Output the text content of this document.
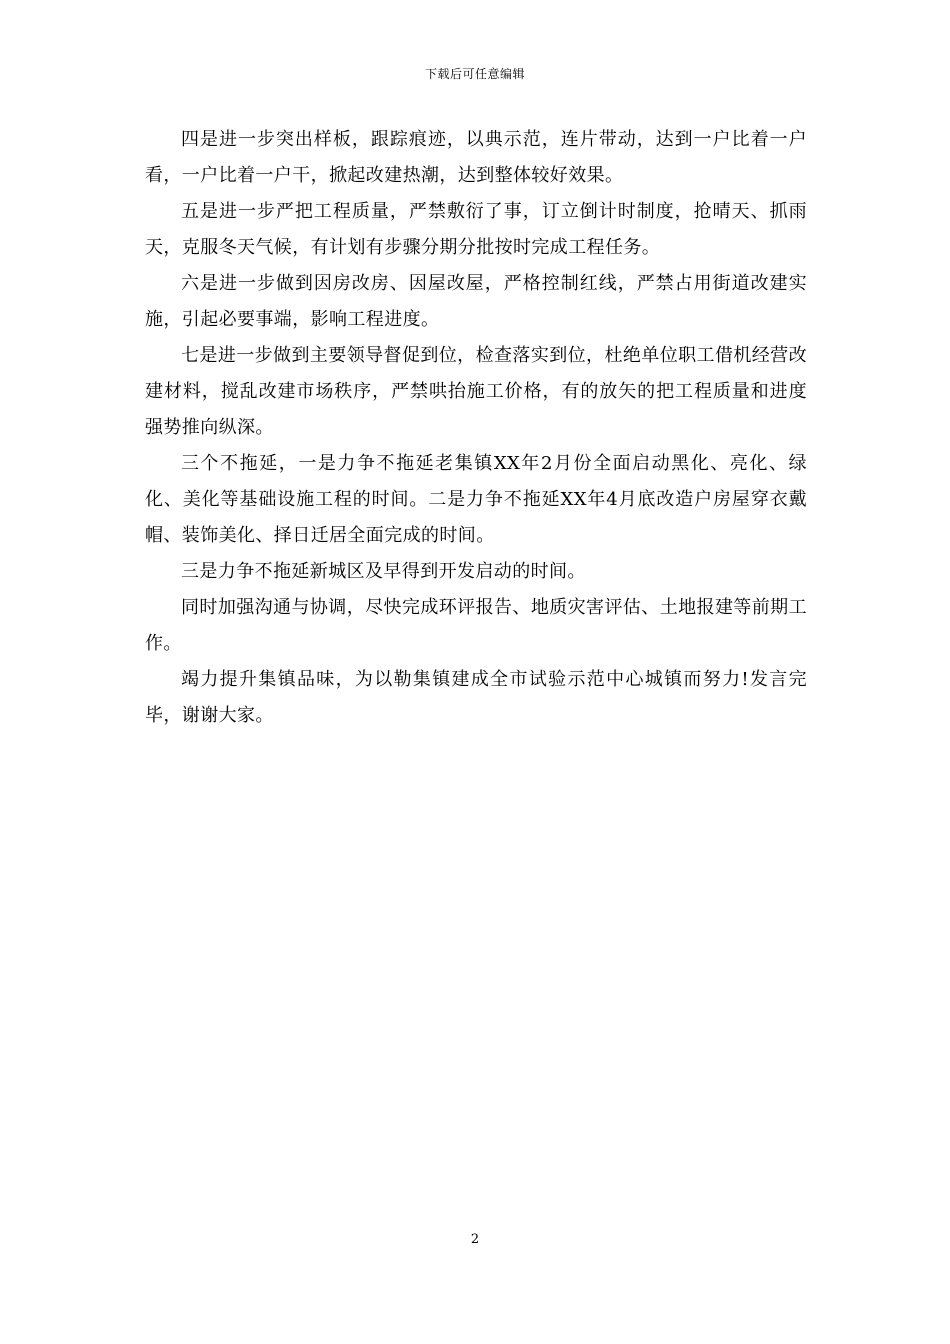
下载后可任意编辑

四是进一步突出样板，跟踪痕迹，以典示范，连片带动，达到一户比着一户看，一户比着一户干，掀起改建热潮，达到整体较好效果。

五是进一步严把工程质量，严禁敷衍了事，订立倒计时制度，抢晴天、抓雨天，克服冬天气候，有计划有步骤分期分批按时完成工程任务。

六是进一步做到因房改房、因屋改屋，严格控制红线，严禁占用街道改建实施，引起必要事端，影响工程进度。

七是进一步做到主要领导督促到位，检查落实到位，杜绝单位职工借机经营改建材料，搅乱改建市场秩序，严禁哄抬施工价格，有的放矢的把工程质量和进度强势推向纵深。

三个不拖延，一是力争不拖延老集镇XX年2月份全面启动黑化、亮化、绿化、美化等基础设施工程的时间。二是力争不拖延XX年4月底改造户房屋穿衣戴帽、装饰美化、择日迁居全面完成的时间。

三是力争不拖延新城区及早得到开发启动的时间。

同时加强沟通与协调，尽快完成环评报告、地质灾害评估、土地报建等前期工作。

竭力提升集镇品味，为以勒集镇建成全市试验示范中心城镇而努力!发言完毕，谢谢大家。

2
